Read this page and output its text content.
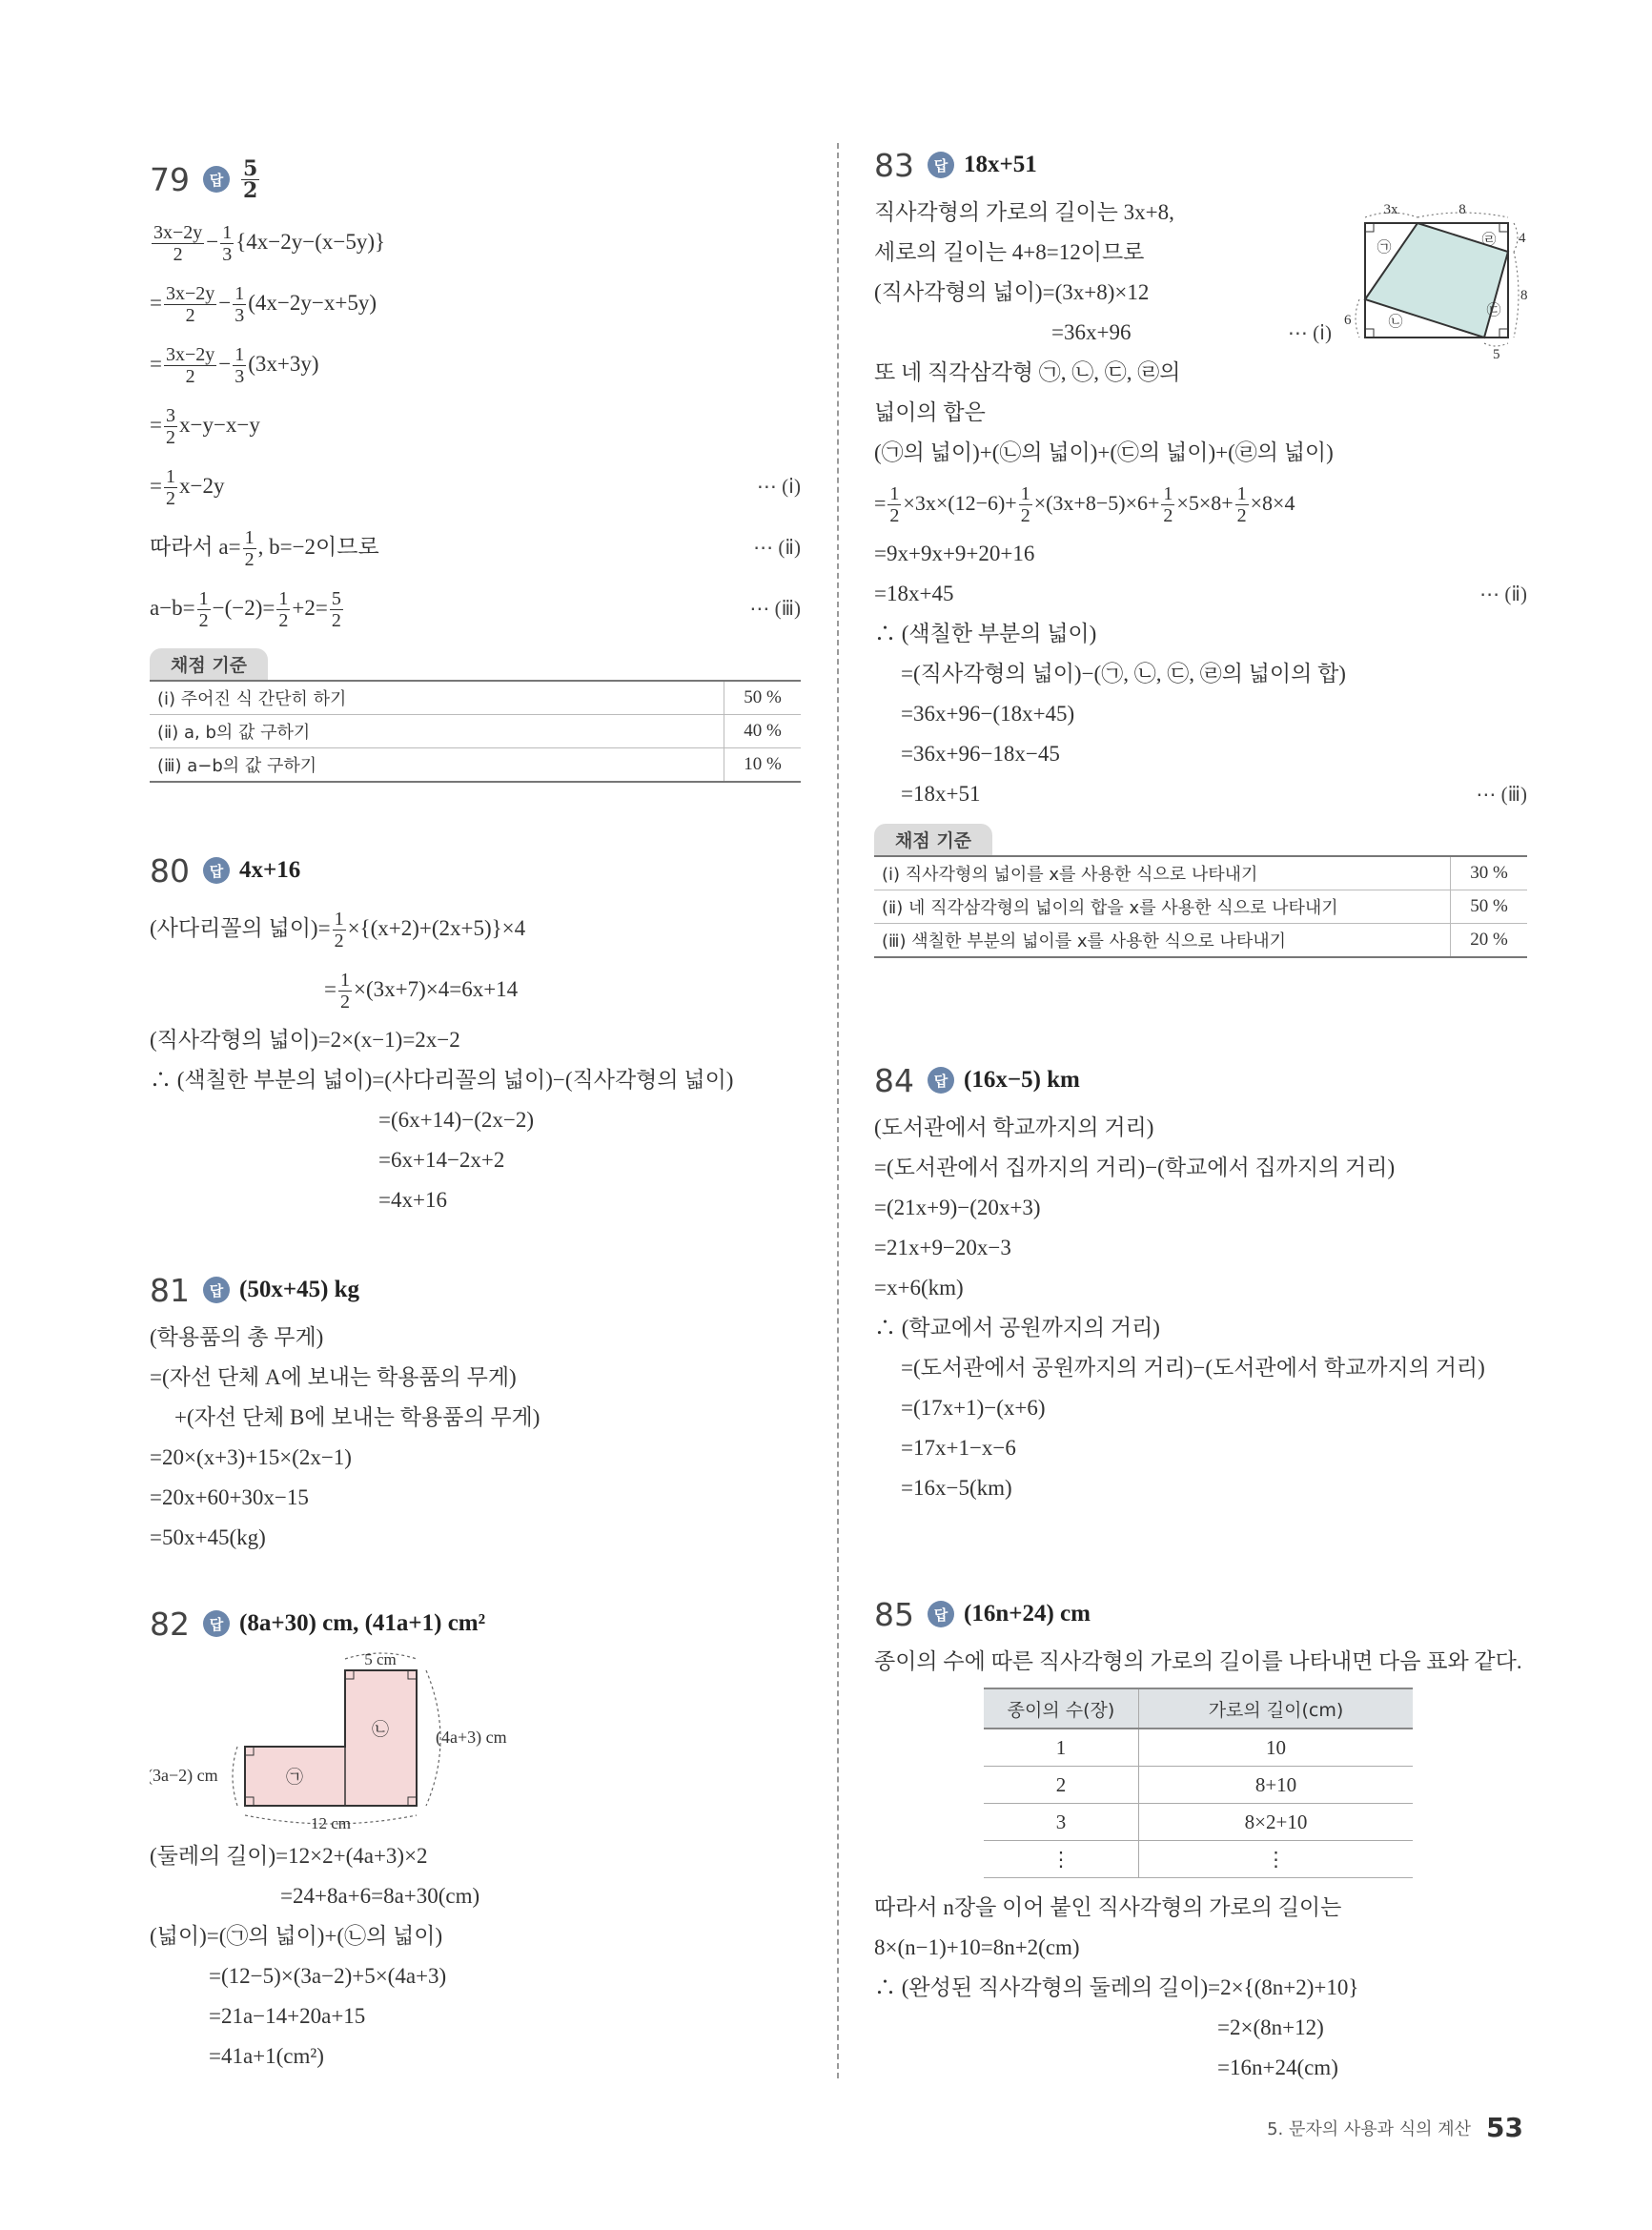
79	답 $\frac{5}{2}$
$\frac{3x-2y}{2} - \frac{1}{3} \{4x-2y-(x-5y)\}$
= $\frac{3x-2y}{2} - \frac{1}{3} (4x-2y-x+5y)$
= $\frac{3x-2y}{2} - \frac{1}{3} (3x+3y)$
= $\frac{3}{2} x-y-x-y$
= $\frac{1}{2} x-2y$	⋯ (ⅰ)
따라서 $a= \frac{1}{2}$ , b=−2이므로	⋯ (ⅱ)
$a-b= \frac{1}{2} -(-2)= \frac{1}{2} +2= \frac{5}{2}$	⋯ (ⅲ)
채점 기준
(ⅰ) 주어진 식 간단히 하기	50 %
(ⅱ) a, b의 값 구하기	40 %
(ⅲ) a−b의 값 구하기	10 %
80	답 4x+16
(사다리꼴의 넓이)= $\frac{1}{2} \times\{(x+2)+(2x+5)\}\times 4$
= $\frac{1}{2} \times(3x+7)\times 4=6x+14$
(직사각형의 넓이)=2×(x−1)=2x−2
∴ (색칠한 부분의 넓이)=(사다리꼴의 넓이)−(직사각형의 넓이)
=(6x+14)−(2x−2)
=6x+14−2x+2
=4x+16
81	답 (50x+45) kg
(학용품의 총 무게)
=(자선 단체 A에 보내는 학용품의 무게)
+(자선 단체 B에 보내는 학용품의 무게)
=20×(x+3)+15×(2x−1)
=20x+60+30x−15
=50x+45(kg)
82	답 (8a+30) cm, (41a+1) cm²
5 cm
(4a+3) cm
(3a−2) cm
12 cm
㉠
㉡
(둘레의 길이)=12×2+(4a+3)×2
=24+8a+6=8a+30(cm)
(넓이)=(㉠의 넓이)+(㉡의 넓이)
=(12−5)×(3a−2)+5×(4a+3)
=21a−14+20a+15
=41a+1(cm²)
83	답 18x+51
3x	8
4
8
6
5
㉠
㉡
㉢
㉣
직사각형의 가로의 길이는 3x+8,
세로의 길이는 4+8=12이므로
(직사각형의 넓이)=(3x+8)×12
=36x+96	⋯ (ⅰ)
또 네 직각삼각형 ㉠, ㉡, ㉢, ㉣의
넓이의 합은
(㉠의 넓이)+(㉡의 넓이)+(㉢의 넓이)+(㉣의 넓이)
= $\frac{1}{2} \times 3x\times(12-6)+ \frac{1}{2} \times(3x+8-5)\times 6+ \frac{1}{2} \times 5\times 8+ \frac{1}{2} \times 8\times 4$
=9x+9x+9+20+16
=18x+45	⋯ (ⅱ)
∴ (색칠한 부분의 넓이)
=(직사각형의 넓이)−(㉠, ㉡, ㉢, ㉣의 넓이의 합)
=36x+96−(18x+45)
=36x+96−18x−45
=18x+51	⋯ (ⅲ)
채점 기준
(ⅰ) 직사각형의 넓이를 x를 사용한 식으로 나타내기	30 %
(ⅱ) 네 직각삼각형의 넓이의 합을 x를 사용한 식으로 나타내기	50 %
(ⅲ) 색칠한 부분의 넓이를 x를 사용한 식으로 나타내기	20 %
84	답 (16x−5) km
(도서관에서 학교까지의 거리)
=(도서관에서 집까지의 거리)−(학교에서 집까지의 거리)
=(21x+9)−(20x+3)
=21x+9−20x−3
=x+6(km)
∴ (학교에서 공원까지의 거리)
=(도서관에서 공원까지의 거리)−(도서관에서 학교까지의 거리)
=(17x+1)−(x+6)
=17x+1−x−6
=16x−5(km)
85	답 (16n+24) cm
종이의 수에 따른 직사각형의 가로의 길이를 나타내면 다음 표와 같다.
종이의 수(장)	가로의 길이(cm)
1	10
2	8+10
3	8×2+10
⋮	⋮
따라서 n장을 이어 붙인 직사각형의 가로의 길이는
8×(n−1)+10=8n+2(cm)
∴ (완성된 직사각형의 둘레의 길이)=2×{(8n+2)+10}
=2×(8n+12)
=16n+24(cm)
5. 문자의 사용과 식의 계산 53
